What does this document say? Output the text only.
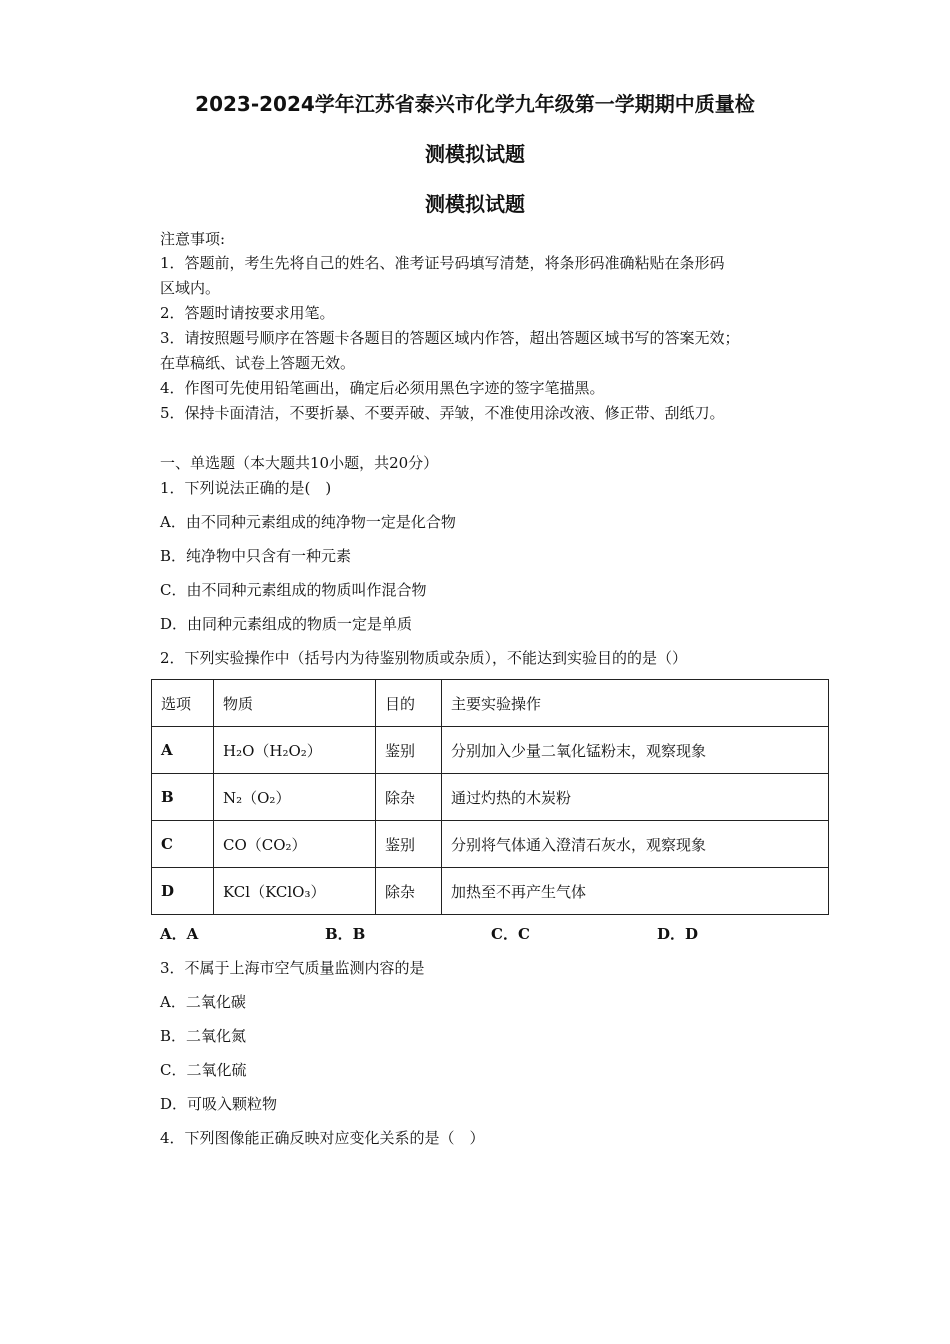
2023-2024学年江苏省泰兴市化学九年级第一学期期中质量检
测模拟试题
测模拟试题
注意事项:
1．答题前，考生先将自己的姓名、准考证号码填写清楚，将条形码准确粘贴在条形码
区域内。
2．答题时请按要求用笔。
3．请按照题号顺序在答题卡各题目的答题区域内作答，超出答题区域书写的答案无效；
在草稿纸、试卷上答题无效。
4．作图可先使用铅笔画出，确定后必须用黑色字迹的签字笔描黑。
5．保持卡面清洁，不要折暴、不要弄破、弄皱，不准使用涂改液、修正带、刮纸刀。
一、单选题（本大题共10小题，共20分）
1．下列说法正确的是(　)
A．由不同种元素组成的纯净物一定是化合物
B．纯净物中只含有一种元素
C．由不同种元素组成的物质叫作混合物
D．由同种元素组成的物质一定是单质
2．下列实验操作中（括号内为待鉴别物质或杂质），不能达到实验目的的是（）
选项	物质	目的	主要实验操作
A	H₂O（H₂O₂）	鉴别	分别加入少量二氧化锰粉末，观察现象
B	N₂（O₂）	除杂	通过灼热的木炭粉
C	CO（CO₂）	鉴别	分别将气体通入澄清石灰水，观察现象
D	KCl（KClO₃）	除杂	加热至不再产生气体
A．A	B．B	C．C	D．D
3．不属于上海市空气质量监测内容的是
A．二氧化碳
B．二氧化氮
C．二氧化硫
D．可吸入颗粒物
4．下列图像能正确反映对应变化关系的是（　）
